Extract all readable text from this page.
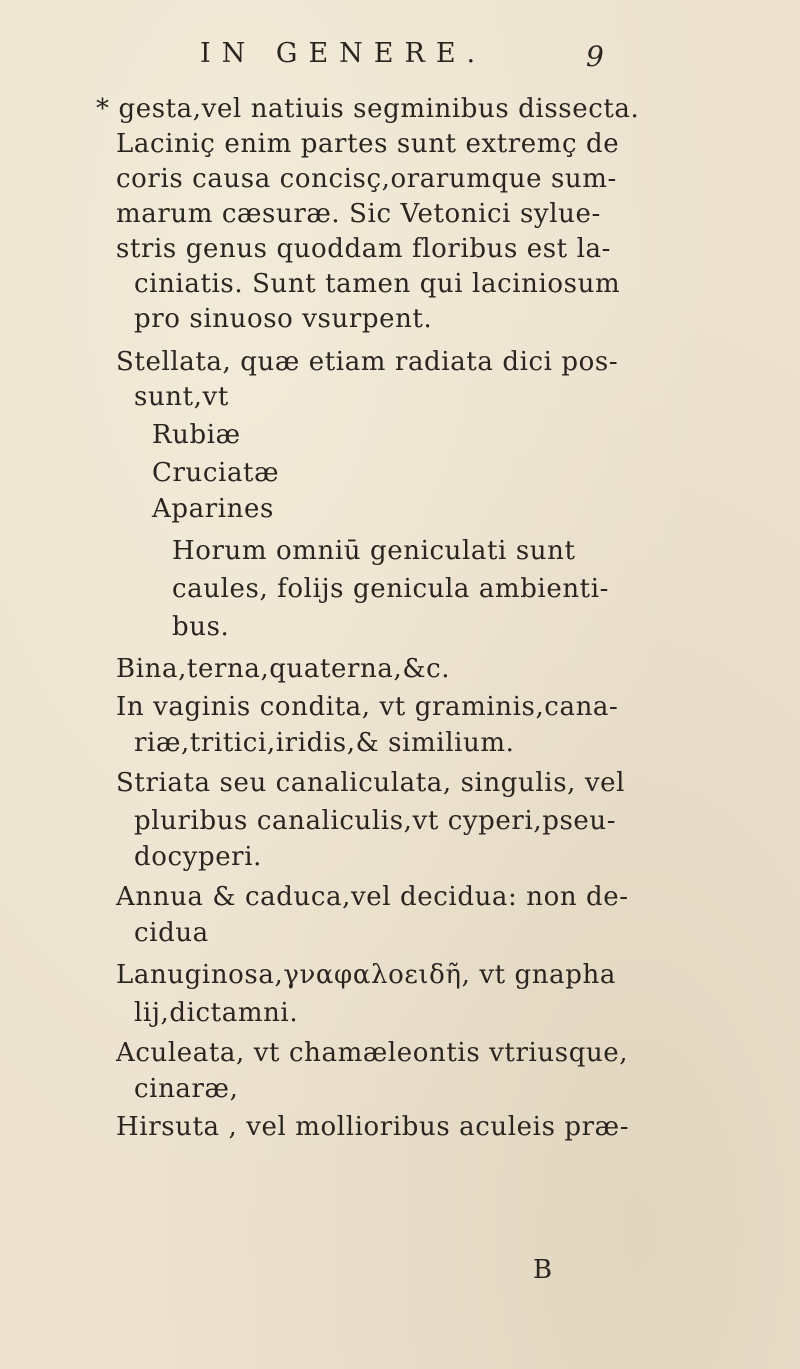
IN GENERE.	9
* gesta,vel natiuis segminibus dissecta.
Laciniç enim partes sunt extremç de
coris causa concisç,orarumque sum-
marum cæsuræ. Sic Vetonici sylue-
stris genus quoddam floribus est la-
ciniatis. Sunt tamen qui laciniosum
pro sinuoso vsurpent.
Stellata, quæ etiam radiata dici pos-
sunt,vt
Rubiæ
Cruciatæ
Aparines
Horum omniū geniculati sunt
caules, folijs genicula ambienti-
bus.
Bina,terna,quaterna,&c.
In vaginis condita, vt graminis,cana-
riæ,tritici,iridis,& similium.
Striata seu canaliculata, singulis, vel
pluribus canaliculis,vt cyperi,pseu-
docyperi.
Annua & caduca,vel decidua: non de-
cidua
Lanuginosa,γναφαλοειδῆ, vt gnapha
lij,dictamni.
Aculeata, vt chamæleontis vtriusque,
cinaræ,
Hirsuta , vel mollioribus aculeis præ-
B
